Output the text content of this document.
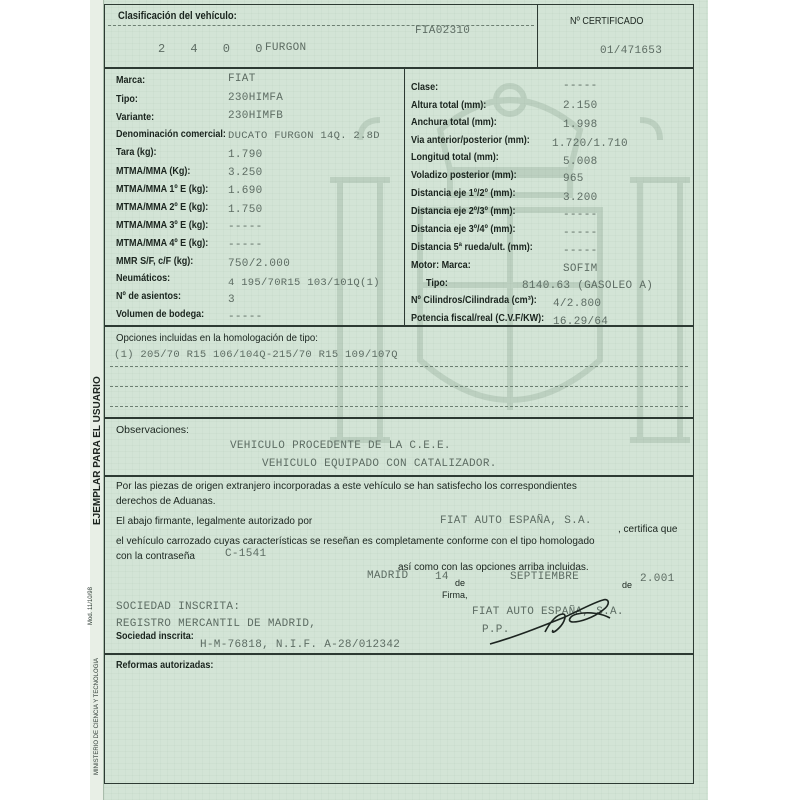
Clasificación del vehículo:
2 4 0 0
FURGON
FIA02310
Nº CERTIFICADO
01/471653
Marca:	FIAT
Tipo:	230HIMFA
Variante:	230HIMFB
Denominación comercial: DUCATO FURGON 14Q. 2.8D
Tara (kg):	1.790
MTMA/MMA (Kg):	3.250
MTMA/MMA 1º E (kg): 1.690
MTMA/MMA 2º E (kg): 1.750
MTMA/MMA 3º E (kg): -----
MTMA/MMA 4º E (kg): -----
MMR S/F, c/F (kg):	750/2.000
Neumáticos:	4 195/70R15 103/101Q(1)
Nº de asientos:	3
Volumen de bodega: -----
Clase:	-----
Altura total (mm):	2.150
Anchura total (mm):	1.998
Via anterior/posterior (mm): 1.720/1.710
Longitud total (mm):	5.008
Voladizo posterior (mm):	965
Distancia eje 1º/2º (mm):	3.200
Distancia eje 2º/3º (mm):	-----
Distancia eje 3º/4º (mm):	-----
Distancia 5ª rueda/ult. (mm):	-----
Motor: Marca:	SOFIM
Tipo:	8140.63 (GASOLEO A)
Nº Cilindros/Cilindrada (cm³): 4/2.800
Potencia fiscal/real (C.V.F/KW): 16.29/64
Opciones incluidas en la homologación de tipo:
(1) 205/70 R15 106/104Q-215/70 R15 109/107Q
Observaciones:
VEHICULO PROCEDENTE DE LA C.E.E.
VEHICULO EQUIPADO CON CATALIZADOR.
Por las piezas de origen extranjero incorporadas a este vehículo se han satisfecho los correspondientes
derechos de Aduanas.
El abajo firmante, legalmente autorizado por	FIAT AUTO ESPAÑA, S.A.
, certifica que
el vehículo carrozado cuyas características se reseñan es completamente conforme con el tipo homologado
con la contraseña	C-1541
así como con las opciones arriba incluidas.
MADRID 14 de	SEPTIEMBRE
de 2.001
Firma,
SOCIEDAD INSCRITA:
REGISTRO MERCANTIL DE MADRID,
Sociedad inscrita:
H-M-76818, N.I.F. A-28/012342
FIAT AUTO ESPAÑA, S.A.
P.P.
Reformas autorizadas:
EJEMPLAR PARA EL USUARIO
Mod. 11/10/98
MINISTERIO DE CIENCIA Y TECNOLOGIA
